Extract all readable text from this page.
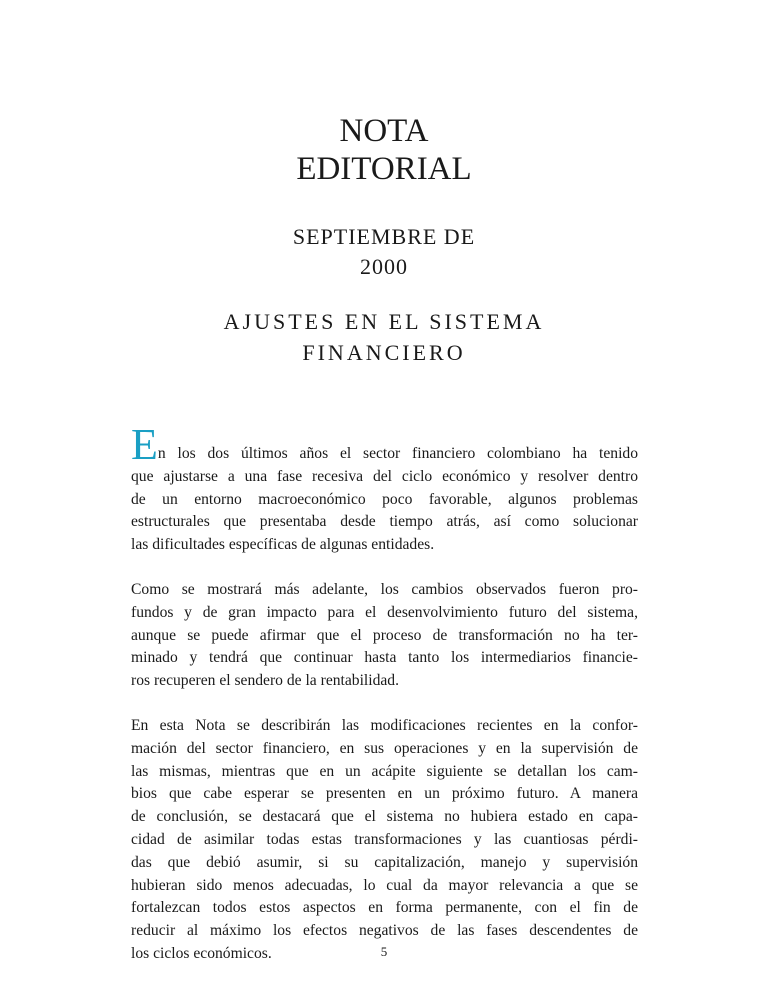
NOTA
EDITORIAL
SEPTIEMBRE DE
2000
AJUSTES EN EL SISTEMA
FINANCIERO
En los dos últimos años el sector financiero colombiano ha tenido
que ajustarse a una fase recesiva del ciclo económico y resolver dentro
de un entorno macroeconómico poco favorable, algunos problemas
estructurales que presentaba desde tiempo atrás, así como solucionar
las dificultades específicas de algunas entidades.
Como se mostrará más adelante, los cambios observados fueron pro-
fundos y de gran impacto para el desenvolvimiento futuro del sistema,
aunque se puede afirmar que el proceso de transformación no ha ter-
minado y tendrá que continuar hasta tanto los intermediarios financie-
ros recuperen el sendero de la rentabilidad.
En esta Nota se describirán las modificaciones recientes en la confor-
mación del sector financiero, en sus operaciones y en la supervisión de
las mismas, mientras que en un acápite siguiente se detallan los cam-
bios que cabe esperar se presenten en un próximo futuro. A manera
de conclusión, se destacará que el sistema no hubiera estado en capa-
cidad de asimilar todas estas transformaciones y las cuantiosas pérdi-
das que debió asumir, si su capitalización, manejo y supervisión
hubieran sido menos adecuadas, lo cual da mayor relevancia a que se
fortalezcan todos estos aspectos en forma permanente, con el fin de
reducir al máximo los efectos negativos de las fases descendentes de
los ciclos económicos.	5
